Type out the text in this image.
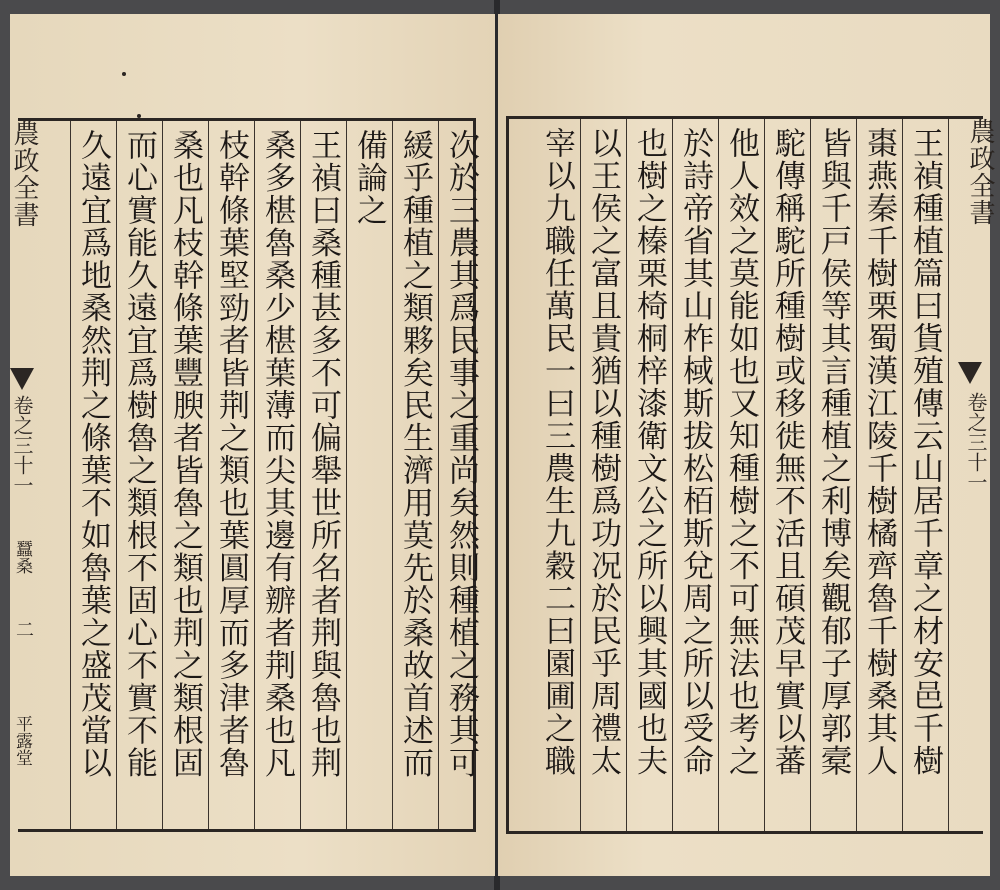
農政全書
卷之三十一
蠶桑
二
平露堂	次於三農其爲民事之重尚矣然則種植之務其可
緩乎種植之類夥矣民生濟用莫先於桑故首述而
備論之
王禎曰桑種甚多不可偏舉世所名者荆與魯也荆
桑多椹魯桑少椹葉薄而尖其邊有辧者荆桑也凡
枝幹條葉堅勁者皆荆之類也葉圓厚而多津者魯
桑也凡枝幹條葉豐腴者皆魯之類也荆之類根固
而心實能久遠宜爲樹魯之類根不固心不實不能
久遠宜爲地桑然荆之條葉不如魯葉之盛茂當以	農政全書
卷之三十一
王禎種植篇曰貨殖傳云山居千章之材安邑千樹
棗燕秦千樹栗蜀漢江陵千樹橘齊魯千樹桑其人
皆與千戸侯等其言種植之利博矣觀郁子厚郭槖
駝傳稱駝所種樹或移徙無不活且碩茂早實以蕃
他人效之莫能如也又知種樹之不可無法也考之
於詩帝省其山柞棫斯拔松栢斯兌周之所以受命
也樹之榛栗椅桐梓漆衛文公之所以興其國也夫
以王侯之富且貴猶以種樹爲功况於民乎周禮太
宰以九職任萬民一曰三農生九穀二曰園圃之職
